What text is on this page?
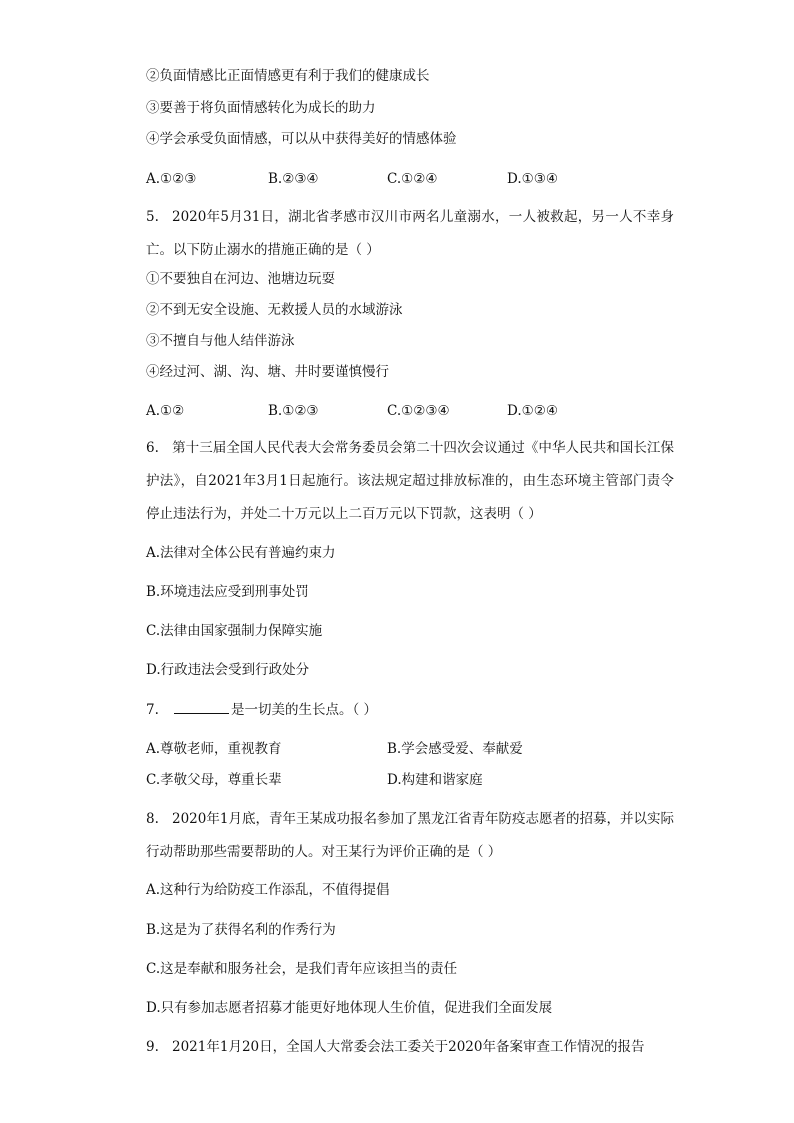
②负面情感比正面情感更有利于我们的健康成长
③要善于将负面情感转化为成长的助力
④学会承受负面情感，可以从中获得美好的情感体验
A.①②③	B.②③④	C.①②④	D.①③④
5. 2020年5月31日，湖北省孝感市汉川市两名儿童溺水，一人被救起，另一人不幸身亡。以下防止溺水的措施正确的是（ ）
①不要独自在河边、池塘边玩耍
②不到无安全设施、无救援人员的水域游泳
③不擅自与他人结伴游泳
④经过河、湖、沟、塘、井时要谨慎慢行
A.①②	B.①②③	C.①②③④	D.①②④
6. 第十三届全国人民代表大会常务委员会第二十四次会议通过《中华人民共和国长江保护法》，自2021年3月1日起施行。该法规定超过排放标准的，由生态环境主管部门责令停止违法行为，并处二十万元以上二百万元以下罚款，这表明（ ）
A.法律对全体公民有普遍约束力
B.环境违法应受到刑事处罚
C.法律由国家强制力保障实施
D.行政违法会受到行政处分
7.	是一切美的生长点。（ ）
A.尊敬老师，重视教育	B.学会感受爱、奉献爱
C.孝敬父母，尊重长辈	D.构建和谐家庭
8. 2020年1月底，青年王某成功报名参加了黑龙江省青年防疫志愿者的招募，并以实际行动帮助那些需要帮助的人。对王某行为评价正确的是（ ）
A.这种行为给防疫工作添乱，不值得提倡
B.这是为了获得名利的作秀行为
C.这是奉献和服务社会，是我们青年应该担当的责任
D.只有参加志愿者招募才能更好地体现人生价值，促进我们全面发展
9. 2021年1月20日，全国人大常委会法工委关于2020年备案审查工作情况的报告
